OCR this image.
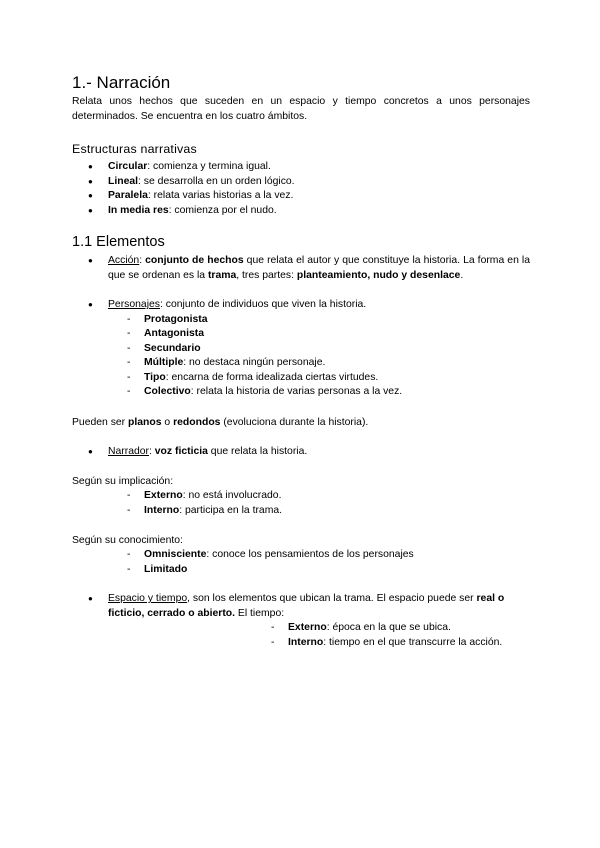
1.- Narración

Relata unos hechos que suceden en un espacio y tiempo concretos a unos personajes determinados. Se encuentra en los cuatro ámbitos.

Estructuras narrativas
● Circular: comienza y termina igual.
● Lineal: se desarrolla en un orden lógico.
● Paralela: relata varias historias a la vez.
● In media res: comienza por el nudo.
1.1 Elementos
● Acción: conjunto de hechos que relata el autor y que constituye la historia. La forma en la que se ordenan es la trama, tres partes: planteamiento, nudo y desenlace.
● Personajes: conjunto de individuos que viven la historia.
- Protagonista
- Antagonista
- Secundario
- Múltiple: no destaca ningún personaje.
- Tipo: encarna de forma idealizada ciertas virtudes.
- Colectivo: relata la historia de varias personas a la vez.

Pueden ser planos o redondos (evoluciona durante la historia).

● Narrador: voz ficticia que relata la historia.

Según su implicación:

- Externo: no está involucrado.
- Interno: participa en la trama.

Según su conocimiento:

- Omnisciente: conoce los pensamientos de los personajes
- Limitado
● Espacio y tiempo, son los elementos que ubican la trama. El espacio puede ser real o ficticio, cerrado o abierto. El tiempo:
- Externo: época en la que se ubica.
- Interno: tiempo en el que transcurre la acción.
